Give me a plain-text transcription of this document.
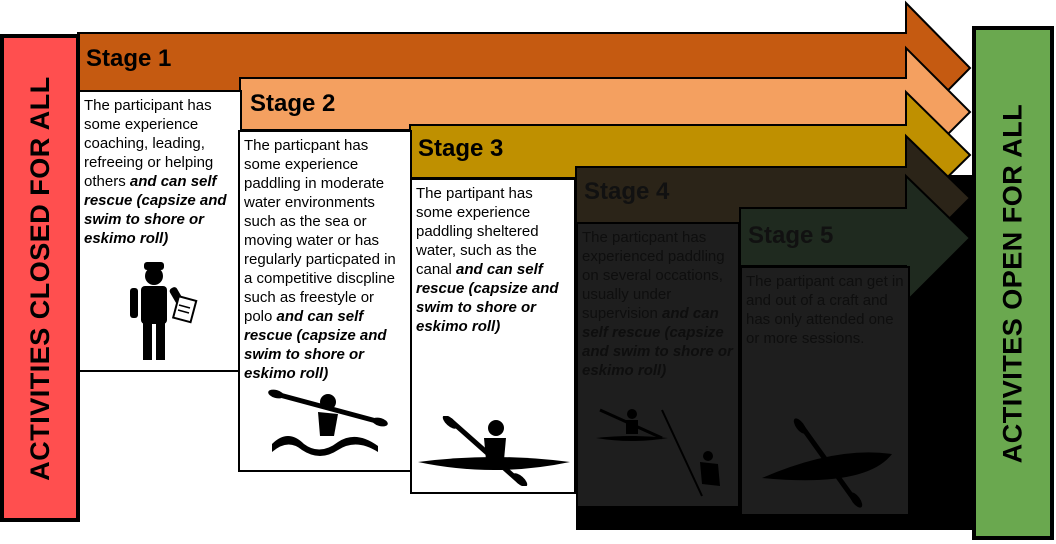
ACTIVITIES CLOSED FOR ALL	ACTIVITES OPEN FOR ALL
Stage 1
Stage 2
Stage 3
Stage 4
Stage 5
The participant has some experience coaching, leading, refreeing or helping others and can self rescue (capsize and swim to shore or eskimo roll)
The particpant has some experience paddling in moderate water environments such as the sea or moving water or has regularly particpated in a competitive discpline such as freestyle or polo and can self rescue (capsize and swim to shore or eskimo roll)
The partipant has some experience paddling sheltered water, such as the canal and can self rescue (capsize and swim to shore or eskimo roll)
The particpant has experienced paddling on several occations, usually under supervision and can self rescue (capsize and swim to shore or eskimo roll)
The partipant can get in and out of a craft and has only attended one or more sessions.
